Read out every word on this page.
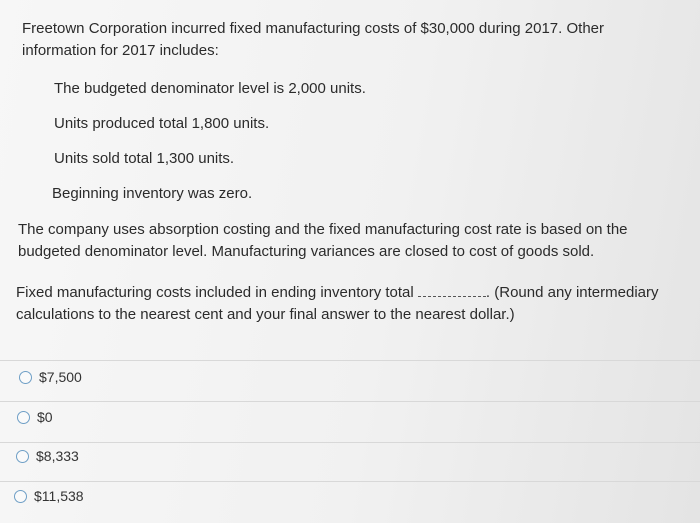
Freetown Corporation incurred fixed manufacturing costs of $30,000 during 2017. Other information for 2017 includes:

The budgeted denominator level is 2,000 units.

Units produced total 1,800 units.

Units sold total 1,300 units.

Beginning inventory was zero.

The company uses absorption costing and the fixed manufacturing cost rate is based on the budgeted denominator level. Manufacturing variances are closed to cost of goods sold.

Fixed manufacturing costs included in ending inventory total	. (Round any intermediary calculations to the nearest cent and your final answer to the nearest dollar.)

$7,500
$0
$8,333
$11,538
